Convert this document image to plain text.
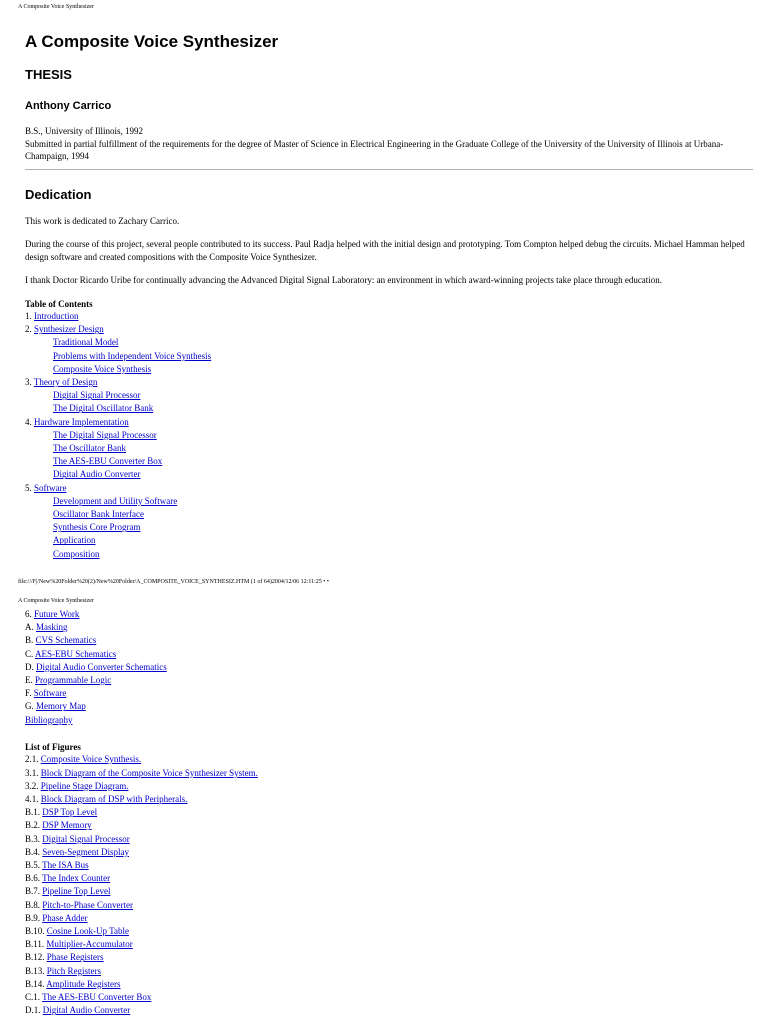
A Composite Voice Synthesizer
A Composite Voice Synthesizer
THESIS
Anthony Carrico

B.S., University of Illinois, 1992

Submitted in partial fulfillment of the requirements for the degree of Master of Science in Electrical Engineering in the Graduate College of the University of the University of Illinois at Urbana-Champaign, 1994

Dedication

This work is dedicated to Zachary Carrico.

During the course of this project, several people contributed to its success. Paul Radja helped with the initial design and prototyping. Tom Compton helped debug the circuits. Michael Hamman helped design software and created compositions with the Composite Voice Synthesizer.

I thank Doctor Ricardo Uribe for continually advancing the Advanced Digital Signal Laboratory: an environment in which award-winning projects take place through education.

Table of Contents

1. Introduction
2. Synthesizer Design
Traditional Model
Problems with Independent Voice Synthesis
Composite Voice Synthesis
3. Theory of Design
Digital Signal Processor
The Digital Oscillator Bank
4. Hardware Implementation
The Digital Signal Processor
The Oscillator Bank
The AES-EBU Converter Box
Digital Audio Converter
5. Software
Development and Utility Software
Oscillator Bank Interface
Synthesis Core Program
Application
Composition
file:///F|/New%20Folder%20(2)/New%20Folder/A_COMPOSITE_VOICE_SYNTHESIZ.HTM (1 of 64)2004/12/06 12:11:25 • •
A Composite Voice Synthesizer
6. Future Work
A. Masking
B. CVS Schematics
C. AES-EBU Schematics
D. Digital Audio Converter Schematics
E. Programmable Logic
F. Software
G. Memory Map
Bibliography

List of Figures

2.1. Composite Voice Synthesis.
3.1. Block Diagram of the Composite Voice Synthesizer System.
3.2. Pipeline Stage Diagram.
4.1. Block Diagram of DSP with Peripherals.
B.1. DSP Top Level
B.2. DSP Memory
B.3. Digital Signal Processor
B.4. Seven-Segment Display
B.5. The ISA Bus
B.6. The Index Counter
B.7. Pipeline Top Level
B.8. Pitch-to-Phase Converter
B.9. Phase Adder
B.10. Cosine Look-Up Table
B.11. Multiplier-Accumulator
B.12. Phase Registers
B.13. Pitch Registers
B.14. Amplitude Registers
C.1. The AES-EBU Converter Box
D.1. Digital Audio Converter
